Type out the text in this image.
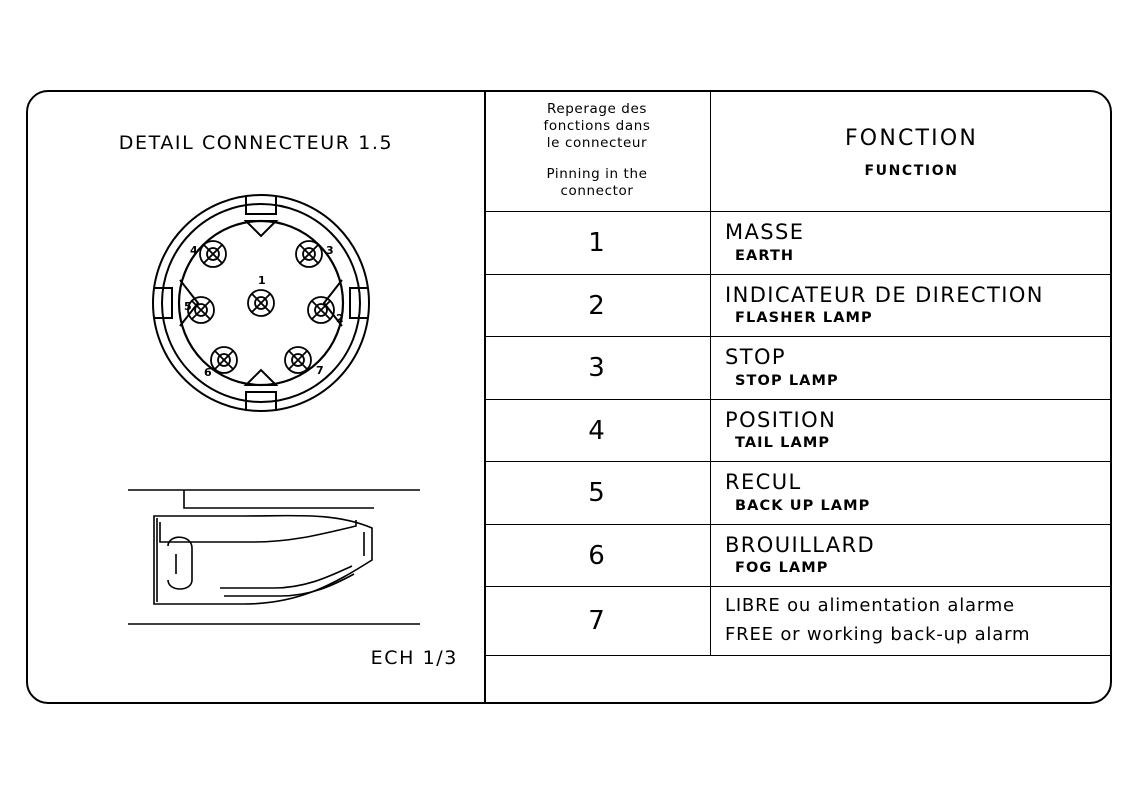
DETAIL CONNECTEUR 1.5
1
2
3
4
5
6	7
ECH 1/3
Reperage des
fonctions dans
le connecteur
Pinning in the
connector

FONCTION
FUNCTION

1	MASSE
EARTH

2	INDICATEUR DE DIRECTION
FLASHER LAMP

3	STOP
STOP LAMP

4	POSITION
TAIL LAMP

5	RECUL
BACK UP LAMP

6	BROUILLARD
FOG LAMP

7	LIBRE ou alimentation alarme
FREE or working back-up alarm
